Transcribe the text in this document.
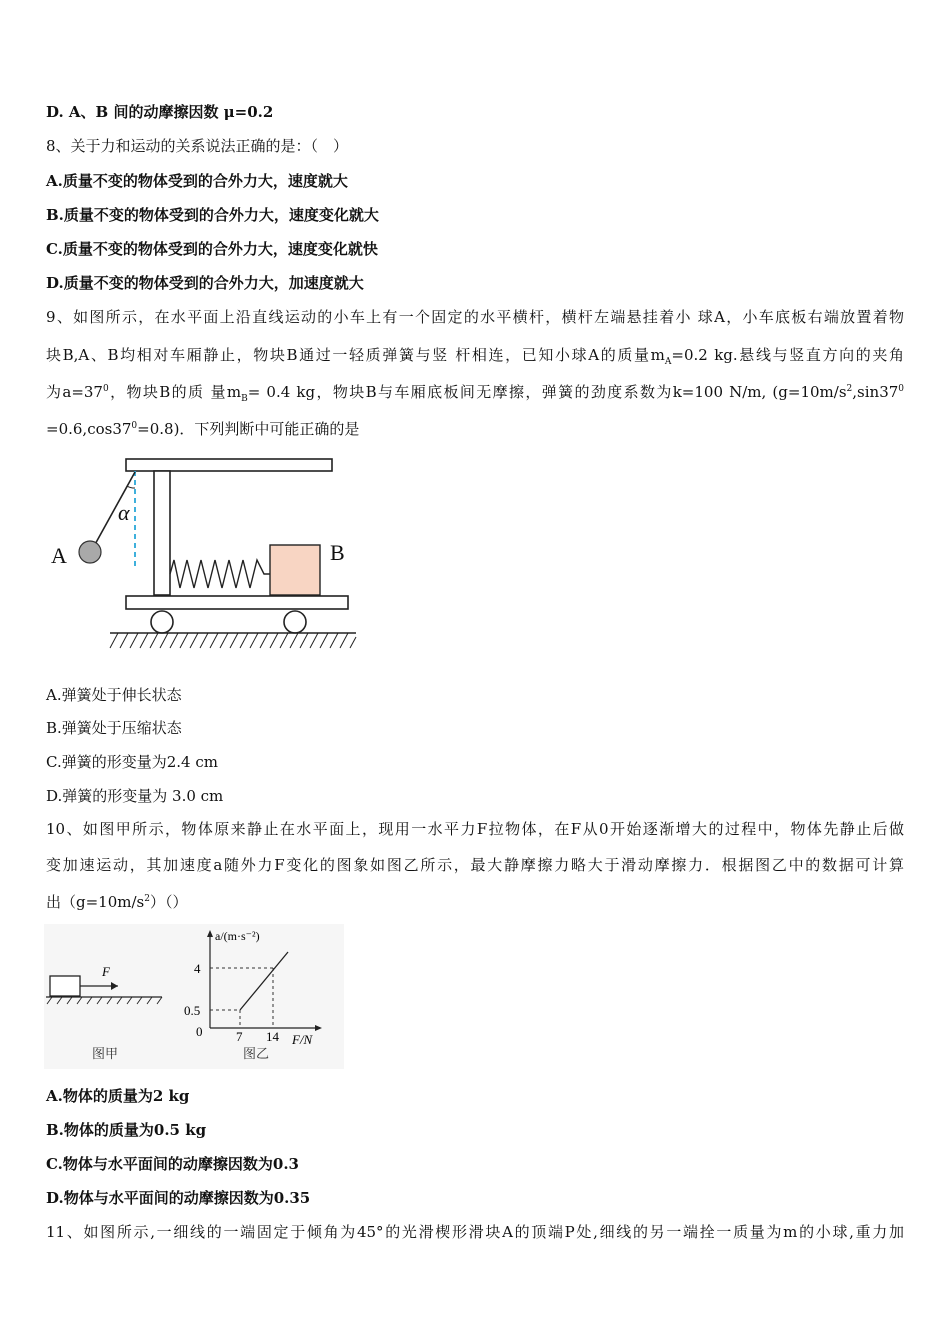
D. A、B 间的动摩擦因数 μ=0.2
8、关于力和运动的关系说法正确的是：（　）
A.质量不变的物体受到的合外力大，速度就大
B.质量不变的物体受到的合外力大，速度变化就大
C.质量不变的物体受到的合外力大，速度变化就快
D.质量不变的物体受到的合外力大，加速度就大
9、如图所示，在水平面上沿直线运动的小车上有一个固定的水平横杆，横杆左端悬挂着小 球A，小车底板右端放置着物
块B,A、B均相对车厢静止，物块B通过一轻质弹簧与竖 杆相连，已知小球A的质量$m_A=0.2$ kg.悬线与竖直方向的夹角
为$a=37^0$，物块B的质 量$m_B= 0.4$ kg，物块B与车厢底板间无摩擦，弹簧的劲度系数为k=100 N/m, ($g=10m/s^2,\sin 37^0$
$=0.6,\cos 37^0=0.8$)．下列判断中可能正确的是
α
A	B
A.弹簧处于伸长状态
B.弹簧处于压缩状态
C.弹簧的形变量为2.4 cm
D.弹簧的形变量为 3.0 cm
10、如图甲所示，物体原来静止在水平面上，现用一水平力F拉物体，在F从0开始逐渐增大的过程中，物体先静止后做
变加速运动，其加速度a随外力F变化的图象如图乙所示，最大静摩擦力略大于滑动摩擦力．根据图乙中的数据可计算
出$(g=10m/s^2)()$
F
图甲
a/(m·s⁻²)
F/N
4
0.5
0	7 14
图乙
A.物体的质量为2 kg
B.物体的质量为0.5 kg
C.物体与水平面间的动摩擦因数为0.3
D.物体与水平面间的动摩擦因数为0.35
11、如图所示,一细线的一端固定于倾角为45°的光滑楔形滑块A的顶端P处,细线的另一端拴一质量为m的小球,重力加
